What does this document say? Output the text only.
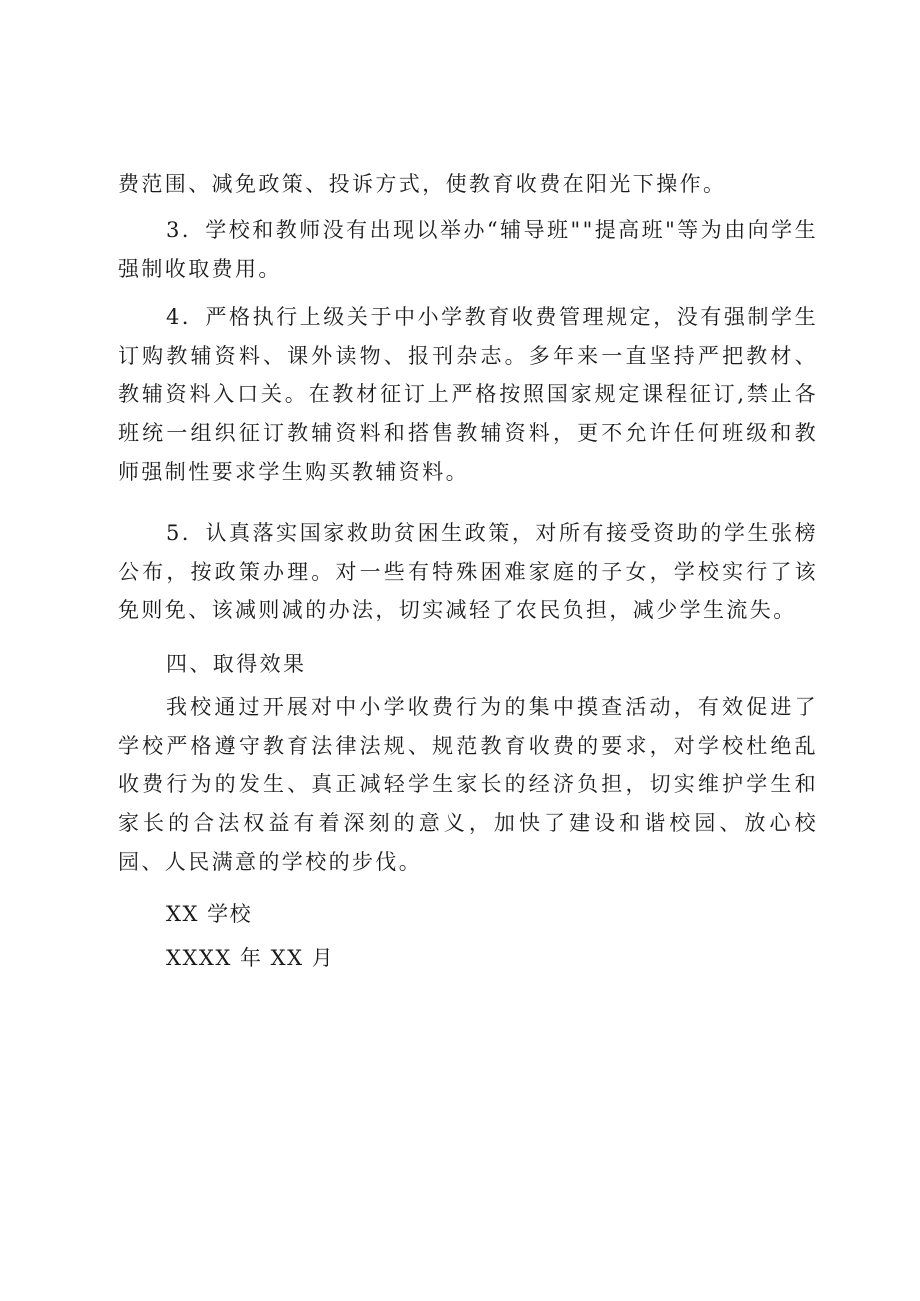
费范围、减免政策、投诉方式，使教育收费在阳光下操作。

3．学校和教师没有出现以举办“辅导班""提高班"等为由向学生强制收取费用。

4．严格执行上级关于中小学教育收费管理规定，没有强制学生订购教辅资料、课外读物、报刊杂志。多年来一直坚持严把教材、教辅资料入口关。在教材征订上严格按照国家规定课程征订,禁止各班统一组织征订教辅资料和搭售教辅资料，更不允许任何班级和教师强制性要求学生购买教辅资料。

5．认真落实国家救助贫困生政策，对所有接受资助的学生张榜公布，按政策办理。对一些有特殊困难家庭的子女，学校实行了该免则免、该减则减的办法，切实减轻了农民负担，减少学生流失。

四、取得效果

我校通过开展对中小学收费行为的集中摸查活动，有效促进了学校严格遵守教育法律法规、规范教育收费的要求，对学校杜绝乱收费行为的发生、真正减轻学生家长的经济负担，切实维护学生和家长的合法权益有着深刻的意义，加快了建设和谐校园、放心校园、人民满意的学校的步伐。

XX 学校

XXXX 年 XX 月
